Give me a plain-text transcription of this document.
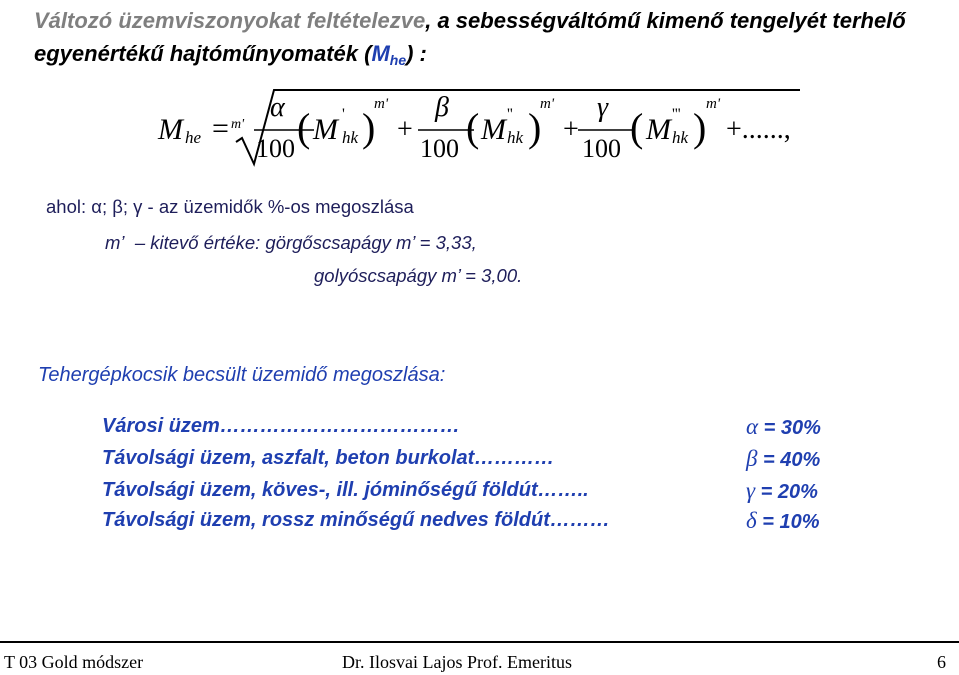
Változó üzemviszonyokat feltételezve, a sebességváltómű kimenő tengelyét terhelő egyenértékű hajtóműnyomaték $(M_{he})$ :
M he = m'
α
100 ( M '
hk )
m'
+
β
100 ( M ''
hk )
m'
+
γ
100 ( M '''
hk )
m'
+......,
ahol: α; β; γ - az üzemidők %-os megoszlása
m’ – kitevő értéke: görgőscsapágy m’ = 3,33,
golyóscsapágy m’ = 3,00.
Tehergépkocsik becsült üzemidő megoszlása:
Városi üzem………………………………
Távolsági üzem, aszfalt, beton burkolat…………
Távolsági üzem, köves-, ill. jóminőségű földút……..
Távolsági üzem, rossz minőségű nedves földút………
α = 30%
β = 40%
γ = 20%
δ = 10%
T 03 Gold módszer	Dr. Ilosvai Lajos Prof. Emeritus	6
